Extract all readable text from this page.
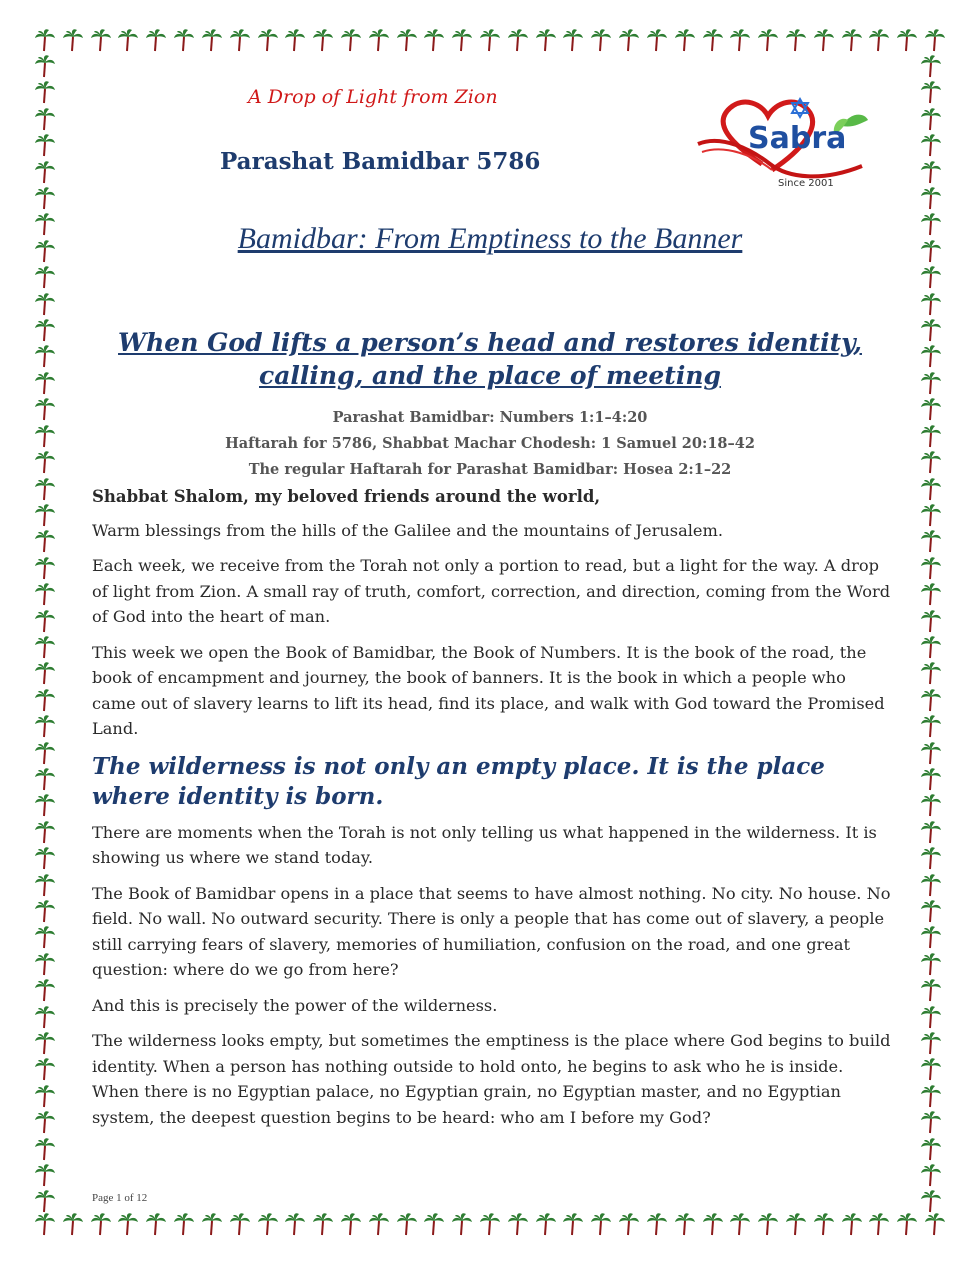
A Drop of Light from Zion
Parashat Bamidbar 5786
Sabra
Since 2001
Bamidbar: From Emptiness to the Banner
When God lifts a person’s head and restores identity, calling, and the place of meeting
Parashat Bamidbar: Numbers 1:1–4:20
Haftarah for 5786, Shabbat Machar Chodesh: 1 Samuel 20:18–42
The regular Haftarah for Parashat Bamidbar: Hosea 2:1–22

Shabbat Shalom, my beloved friends around the world,

Warm blessings from the hills of the Galilee and the mountains of Jerusalem.

Each week, we receive from the Torah not only a portion to read, but a light for the way. A drop of light from Zion. A small ray of truth, comfort, correction, and direction, coming from the Word of God into the heart of man.

This week we open the Book of Bamidbar, the Book of Numbers. It is the book of the road, the book of encampment and journey, the book of banners. It is the book in which a people who came out of slavery learns to lift its head, find its place, and walk with God toward the Promised Land.

The wilderness is not only an empty place. It is the place where identity is born.

There are moments when the Torah is not only telling us what happened in the wilderness. It is showing us where we stand today.

The Book of Bamidbar opens in a place that seems to have almost nothing. No city. No house. No field. No wall. No outward security. There is only a people that has come out of slavery, a people still carrying fears of slavery, memories of humiliation, confusion on the road, and one great question: where do we go from here?

And this is precisely the power of the wilderness.

The wilderness looks empty, but sometimes the emptiness is the place where God begins to build identity. When a person has nothing outside to hold onto, he begins to ask who he is inside. When there is no Egyptian palace, no Egyptian grain, no Egyptian master, and no Egyptian system, the deepest question begins to be heard: who am I before my God?

Page 1 of 12
